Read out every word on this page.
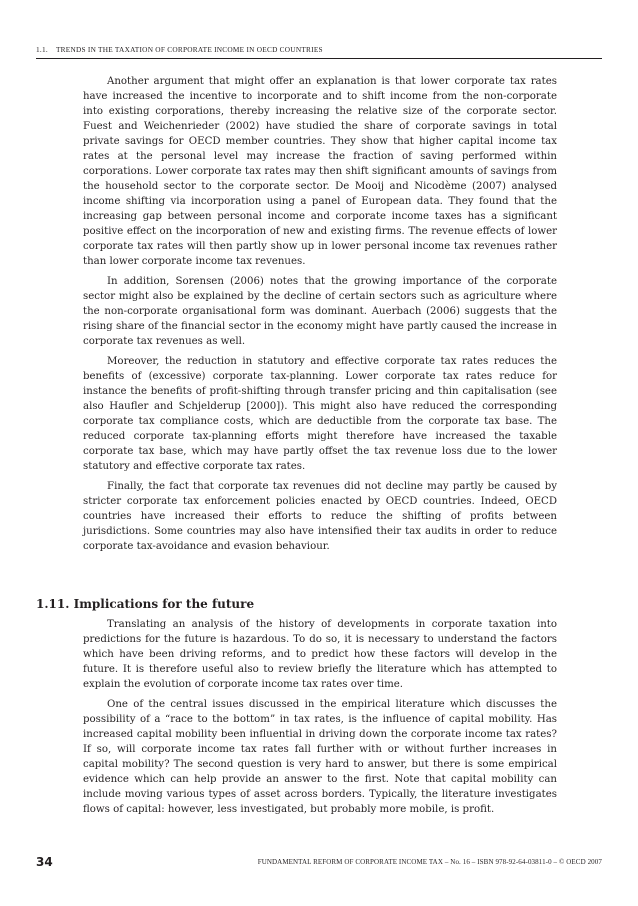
1.1. TRENDS IN THE TAXATION OF CORPORATE INCOME IN OECD COUNTRIES

Another argument that might offer an explanation is that lower corporate tax rates have increased the incentive to incorporate and to shift income from the non-corporate into existing corporations, thereby increasing the relative size of the corporate sector. Fuest and Weichenrieder (2002) have studied the share of corporate savings in total private savings for OECD member countries. They show that higher capital income tax rates at the personal level may increase the fraction of saving performed within corporations. Lower corporate tax rates may then shift significant amounts of savings from the household sector to the corporate sector. De Mooij and Nicodème (2007) analysed income shifting via incorporation using a panel of European data. They found that the increasing gap between personal income and corporate income taxes has a significant positive effect on the incorporation of new and existing firms. The revenue effects of lower corporate tax rates will then partly show up in lower personal income tax revenues rather than lower corporate income tax revenues.

In addition, Sorensen (2006) notes that the growing importance of the corporate sector might also be explained by the decline of certain sectors such as agriculture where the non-corporate organisational form was dominant. Auerbach (2006) suggests that the rising share of the financial sector in the economy might have partly caused the increase in corporate tax revenues as well.

Moreover, the reduction in statutory and effective corporate tax rates reduces the benefits of (excessive) corporate tax-planning. Lower corporate tax rates reduce for instance the benefits of profit-shifting through transfer pricing and thin capitalisation (see also Haufler and Schjelderup [2000]). This might also have reduced the corresponding corporate tax compliance costs, which are deductible from the corporate tax base. The reduced corporate tax-planning efforts might therefore have increased the taxable corporate tax base, which may have partly offset the tax revenue loss due to the lower statutory and effective corporate tax rates.

Finally, the fact that corporate tax revenues did not decline may partly be caused by stricter corporate tax enforcement policies enacted by OECD countries. Indeed, OECD countries have increased their efforts to reduce the shifting of profits between jurisdictions. Some countries may also have intensified their tax audits in order to reduce corporate tax-avoidance and evasion behaviour.

1.11. Implications for the future

Translating an analysis of the history of developments in corporate taxation into predictions for the future is hazardous. To do so, it is necessary to understand the factors which have been driving reforms, and to predict how these factors will develop in the future. It is therefore useful also to review briefly the literature which has attempted to explain the evolution of corporate income tax rates over time.

One of the central issues discussed in the empirical literature which discusses the possibility of a “race to the bottom” in tax rates, is the influence of capital mobility. Has increased capital mobility been influential in driving down the corporate income tax rates? If so, will corporate income tax rates fall further with or without further increases in capital mobility? The second question is very hard to answer, but there is some empirical evidence which can help provide an answer to the first. Note that capital mobility can include moving various types of asset across borders. Typically, the literature investigates flows of capital: however, less investigated, but probably more mobile, is profit.

34	FUNDAMENTAL REFORM OF CORPORATE INCOME TAX – No. 16 – ISBN 978-92-64-03811-0 – © OECD 2007
